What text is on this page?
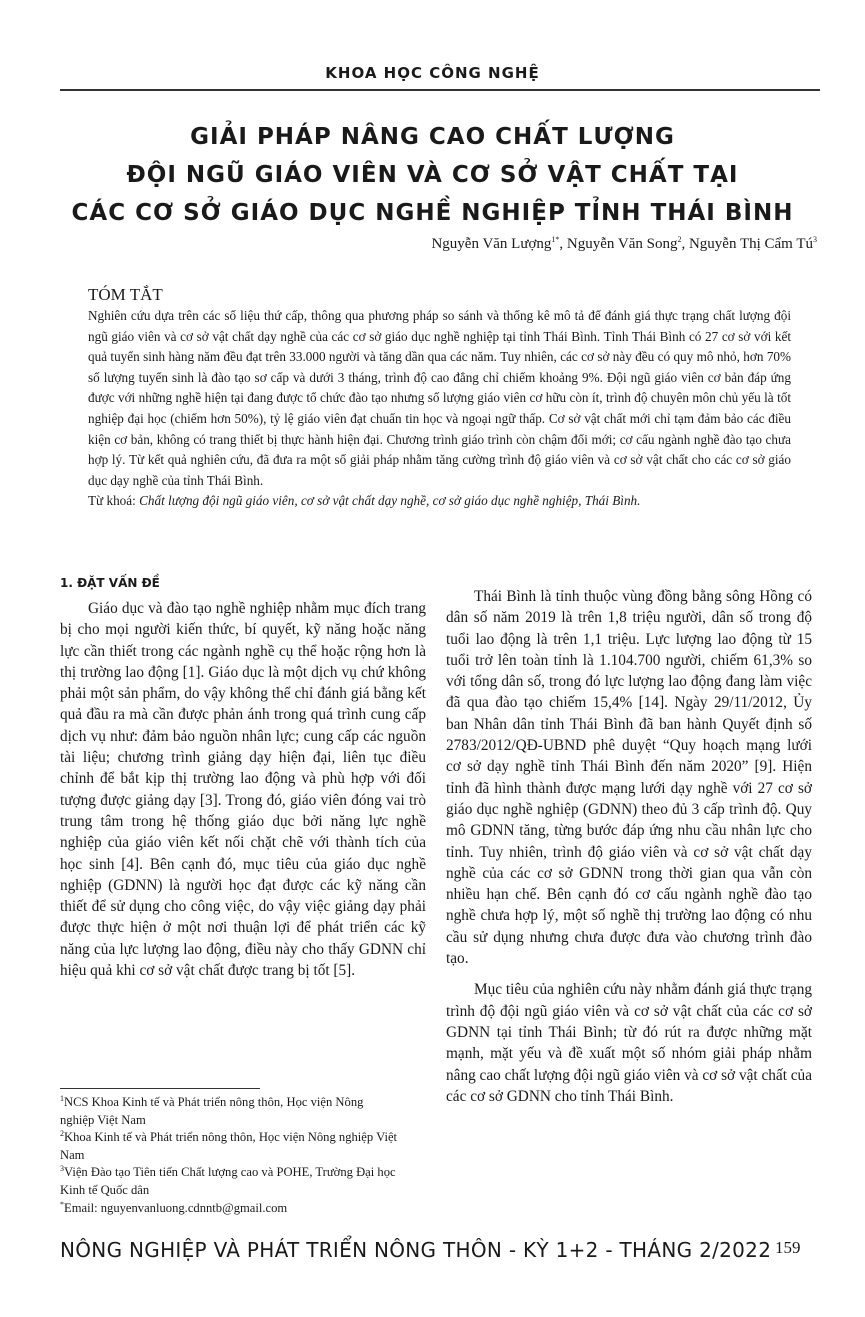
KHOA HỌC CÔNG NGHỆ
GIẢI PHÁP NÂNG CAO CHẤT LƯỢNG
ĐỘI NGŨ GIÁO VIÊN VÀ CƠ SỞ VẬT CHẤT TẠI
CÁC CƠ SỞ GIÁO DỤC NGHỀ NGHIỆP TỈNH THÁI BÌNH
Nguyễn Văn Lượng$^{1*}$, Nguyễn Văn Song$^2$, Nguyễn Thị Cẩm $Tú^3$
TÓM TẮT
Nghiên cứu dựa trên các số liệu thứ cấp, thông qua phương pháp so sánh và thống kê mô tả để đánh giá thực trạng chất lượng đội ngũ giáo viên và cơ sở vật chất dạy nghề của các cơ sở giáo dục nghề nghiệp tại tỉnh Thái Bình. Tỉnh Thái Bình có 27 cơ sở với kết quả tuyển sinh hàng năm đều đạt trên 33.000 người và tăng dần qua các năm. Tuy nhiên, các cơ sở này đều có quy mô nhỏ, hơn 70% số lượng tuyển sinh là đào tạo sơ cấp và dưới 3 tháng, trình độ cao đẳng chỉ chiếm khoảng 9%. Đội ngũ giáo viên cơ bản đáp ứng được với những nghề hiện tại đang được tổ chức đào tạo nhưng số lượng giáo viên cơ hữu còn ít, trình độ chuyên môn chủ yếu là tốt nghiệp đại học (chiếm hơn 50%), tỷ lệ giáo viên đạt chuẩn tin học và ngoại ngữ thấp. Cơ sở vật chất mới chỉ tạm đảm bảo các điều kiện cơ bản, không có trang thiết bị thực hành hiện đại. Chương trình giáo trình còn chậm đổi mới; cơ cấu ngành nghề đào tạo chưa hợp lý. Từ kết quả nghiên cứu, đã đưa ra một số giải pháp nhằm tăng cường trình độ giáo viên và cơ sở vật chất cho các cơ sở giáo dục dạy nghề của tỉnh Thái Bình.
Từ khoá: Chất lượng đội ngũ giáo viên, cơ sở vật chất dạy nghề, cơ sở giáo dục nghề nghiệp, Thái Bình.
1. ĐẶT VẤN ĐỀ

Giáo dục và đào tạo nghề nghiệp nhằm mục đích trang bị cho mọi người kiến thức, bí quyết, kỹ năng hoặc năng lực cần thiết trong các ngành nghề cụ thể hoặc rộng hơn là thị trường lao động [1]. Giáo dục là một dịch vụ chứ không phải một sản phẩm, do vậy không thể chỉ đánh giá bằng kết quả đầu ra mà cần được phản ánh trong quá trình cung cấp dịch vụ như: đảm bảo nguồn nhân lực; cung cấp các nguồn tài liệu; chương trình giảng dạy hiện đại, liên tục điều chỉnh để bắt kịp thị trường lao động và phù hợp với đối tượng được giảng dạy [3]. Trong đó, giáo viên đóng vai trò trung tâm trong hệ thống giáo dục bởi năng lực nghề nghiệp của giáo viên kết nối chặt chẽ với thành tích của học sinh [4]. Bên cạnh đó, mục tiêu của giáo dục nghề nghiệp (GDNN) là người học đạt được các kỹ năng cần thiết để sử dụng cho công việc, do vậy việc giảng dạy phải được thực hiện ở một nơi thuận lợi để phát triển các kỹ năng của lực lượng lao động, điều này cho thấy GDNN chỉ hiệu quả khi cơ sở vật chất được trang bị tốt [5].

Thái Bình là tỉnh thuộc vùng đồng bằng sông Hồng có dân số năm 2019 là trên 1,8 triệu người, dân số trong độ tuổi lao động là trên 1,1 triệu. Lực lượng lao động từ 15 tuổi trở lên toàn tỉnh là 1.104.700 người, chiếm 61,3% so với tổng dân số, trong đó lực lượng lao động đang làm việc đã qua đào tạo chiếm 15,4% [14]. Ngày 29/11/2012, Ủy ban Nhân dân tỉnh Thái Bình đã ban hành Quyết định số 2783/2012/QĐ-UBND phê duyệt “Quy hoạch mạng lưới cơ sở dạy nghề tỉnh Thái Bình đến năm 2020” [9]. Hiện tỉnh đã hình thành được mạng lưới dạy nghề với 27 cơ sở giáo dục nghề nghiệp (GDNN) theo đủ 3 cấp trình độ. Quy mô GDNN tăng, từng bước đáp ứng nhu cầu nhân lực cho tỉnh. Tuy nhiên, trình độ giáo viên và cơ sở vật chất dạy nghề của các cơ sở GDNN trong thời gian qua vẫn còn nhiều hạn chế. Bên cạnh đó cơ cấu ngành nghề đào tạo nghề chưa hợp lý, một số nghề thị trường lao động có nhu cầu sử dụng nhưng chưa được đưa vào chương trình đào tạo.

Mục tiêu của nghiên cứu này nhằm đánh giá thực trạng trình độ đội ngũ giáo viên và cơ sở vật chất của các cơ sở GDNN tại tỉnh Thái Bình; từ đó rút ra được những mặt mạnh, mặt yếu và đề xuất một số nhóm giải pháp nhằm nâng cao chất lượng đội ngũ giáo viên và cơ sở vật chất của các cơ sở GDNN cho tỉnh Thái Bình.

$^1$NCS Khoa Kinh tế và Phát triển nông thôn, Học viện Nông nghiệp Việt Nam
$^2$Khoa Kinh tế và Phát triển nông thôn, Học viện Nông nghiệp Việt Nam
$^3$Viện Đào tạo Tiên tiến Chất lượng cao và POHE, Trường Đại học Kinh tế Quốc dân
*Email: nguyenvanluong.cdnntb@gmail.com
NÔNG NGHIỆP VÀ PHÁT TRIỂN NÔNG THÔN - KỲ 1+2 - THÁNG 2/2022 159
